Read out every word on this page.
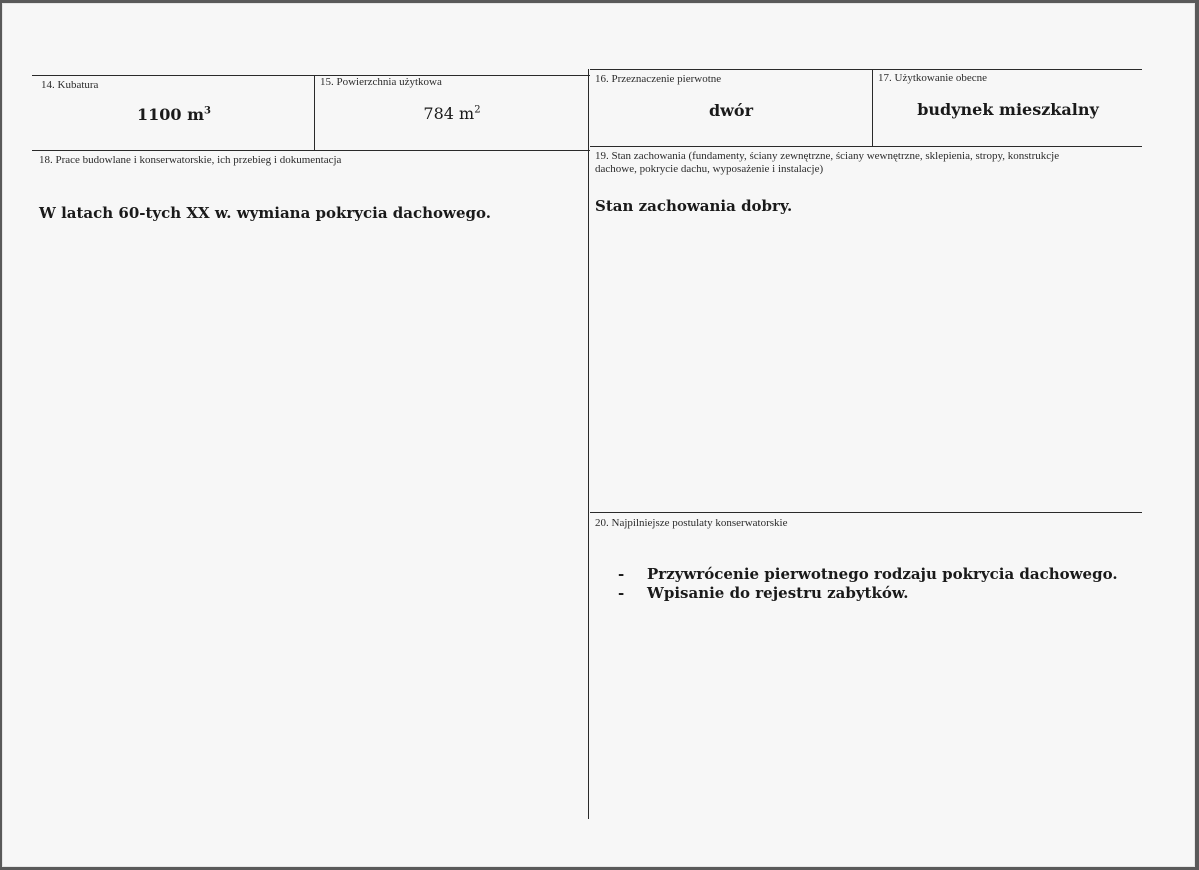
14. Kubatura
1100 $m^3$
15. Powierzchnia użytkowa
784 $m^2$
16. Przeznaczenie pierwotne
dwór
17. Użytkowanie obecne
budynek mieszkalny
18. Prace budowlane i konserwatorskie, ich przebieg i dokumentacja
W latach 60-tych XX w. wymiana pokrycia dachowego.
19. Stan zachowania (fundamenty, ściany zewnętrzne, ściany wewnętrzne, sklepienia, stropy, konstrukcje dachowe, pokrycie dachu, wyposażenie i instalacje)
Stan zachowania dobry.
20. Najpilniejsze postulaty konserwatorskie
-	Przywrócenie pierwotnego rodzaju pokrycia dachowego.
-	Wpisanie do rejestru zabytków.
